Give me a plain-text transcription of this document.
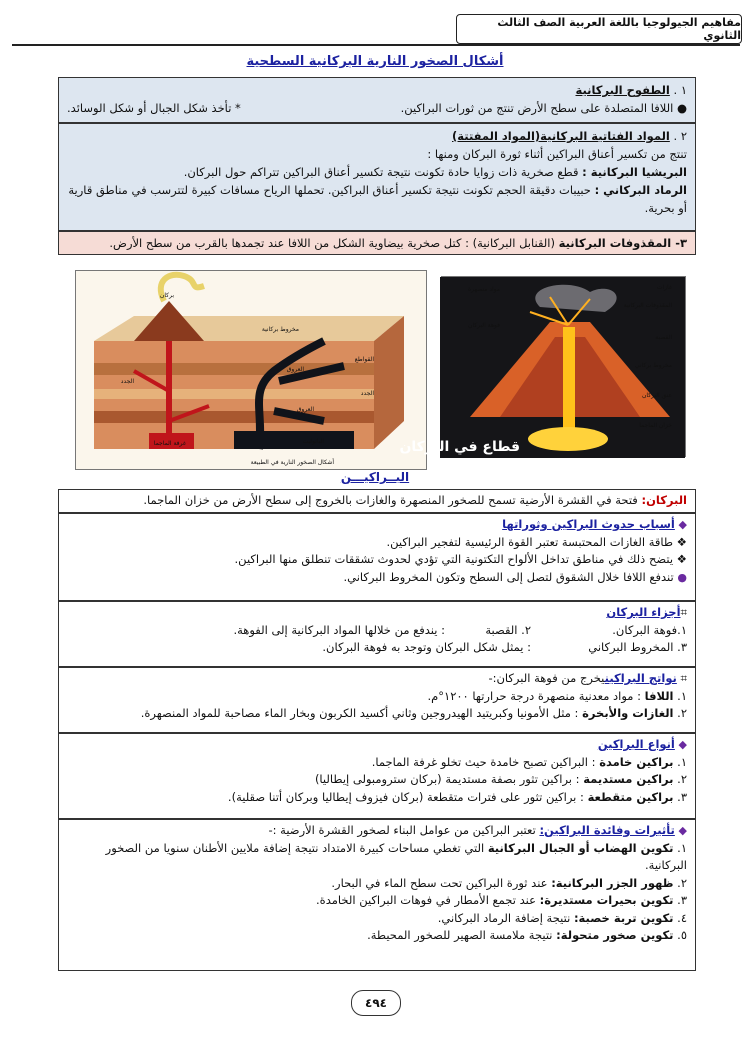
مفاهيم الجيولوجيا باللغة العربية الصف الثالث الثانوي
أشكال الصخور النارية البركانية السطحية
١ . الطفوح البركانية
● اللافا المتصلدة على سطح الأرض تنتج من ثورات البراكين.
* تأخذ شكل الجبال أو شكل الوسائد.
٢ . المواد الفتاتية البركانية(المواد المفتتة)
تنتج من تكسير أعناق البراكين أثناء ثورة البركان ومنها :
البريشيا البركانية : قطع صخرية ذات زوايا حادة تكونت نتيجة تكسير أعناق البراكين تتراكم حول البركان.
الرماد البركاني : حبيبات دقيقة الحجم تكونت نتيجة تكسير أعناق البراكين. تحملها الرياح مسافات كبيرة لتترسب في مناطق قارية أو بحرية.
٣- المقذوفات البركانية (القنابل البركانية) : كتل صخرية بيضاوية الشكل من اللافا عند تجمدها بالقرب من سطح الأرض.
مخروط بركانية
بركان
العروق
الجدد
القواطع
العروق
الباثوليت
غرفة الماجما
الجدد
أشكال الصخور النارية في الطبيعة
غازات
مواد منصهرة
المقذوفات البركانية
فوهة البركان
القصبة
مخروط بركاني
عنق البركان
خزان الماجما
قطاع في البركان
البــراكيـــن
البركان: فتحة في القشرة الأرضية تسمح للصخور المنصهرة والغازات بالخروج إلى سطح الأرض من خزان الماجما.
◆ أسباب حدوث البراكين وثوراتها
❖ طاقة الغازات المحتبسة تعتبر القوة الرئيسية لتفجير البراكين.
❖ يتضح ذلك في مناطق تداخل الألواح التكتونية التي تؤدي لحدوث تشققات تنطلق منها البراكين.
● تندفع اللافا خلال الشقوق لتصل إلى السطح وتكون المخروط البركاني.
⌗أجزاء البركان
١.فوهة البركان.
٢. القصبة
: يندفع من خلالها المواد البركانية إلى الفوهة.
٣. المخروط البركاني
: يمثل شكل البركان وتوجد به فوهة البركان.
⌗ نواتج البراكينيخرج من فوهة البركان:-
١. اللافا : مواد معدنية منصهرة درجة حرارتها ١٢٠٠°م.
٢. الغازات والأبخرة : مثل الأمونيا وكبريتيد الهيدروجين وثاني أكسيد الكربون وبخار الماء مصاحبة للمواد المنصهرة.
◆ أنواع البراكين
١. براكين خامدة : البراكين تصبح خامدة حيث تخلو غرفة الماجما.
٢. براكين مستديمة : براكين تثور بصفة مستديمة (بركان سترومبولى إيطاليا)
٣. براكين متقطعة : براكين تثور على فترات متقطعة (بركان فيزوف إيطاليا وبركان أتنا صقلية).
◆ تأثيرات وفائدة البراكين: تعتبر البراكين من عوامل البناء لصخور القشرة الأرضية :-
١. تكوين الهضاب أو الجبال البركانية التي تغطي مساحات كبيرة الامتداد نتيجة إضافة ملايين الأطنان سنويا من الصخور البركانية.
٢. ظهور الجزر البركانية: عند ثورة البراكين تحت سطح الماء في البحار.
٣. تكوين بحيرات مستديرة: عند تجمع الأمطار في فوهات البراكين الخامدة.
٤. تكوين تربة خصبة: نتيجة إضافة الرماد البركاني.
٥. تكوين صخور متحولة: نتيجة ملامسة الصهير للصخور المحيطة.
٤٩٤
